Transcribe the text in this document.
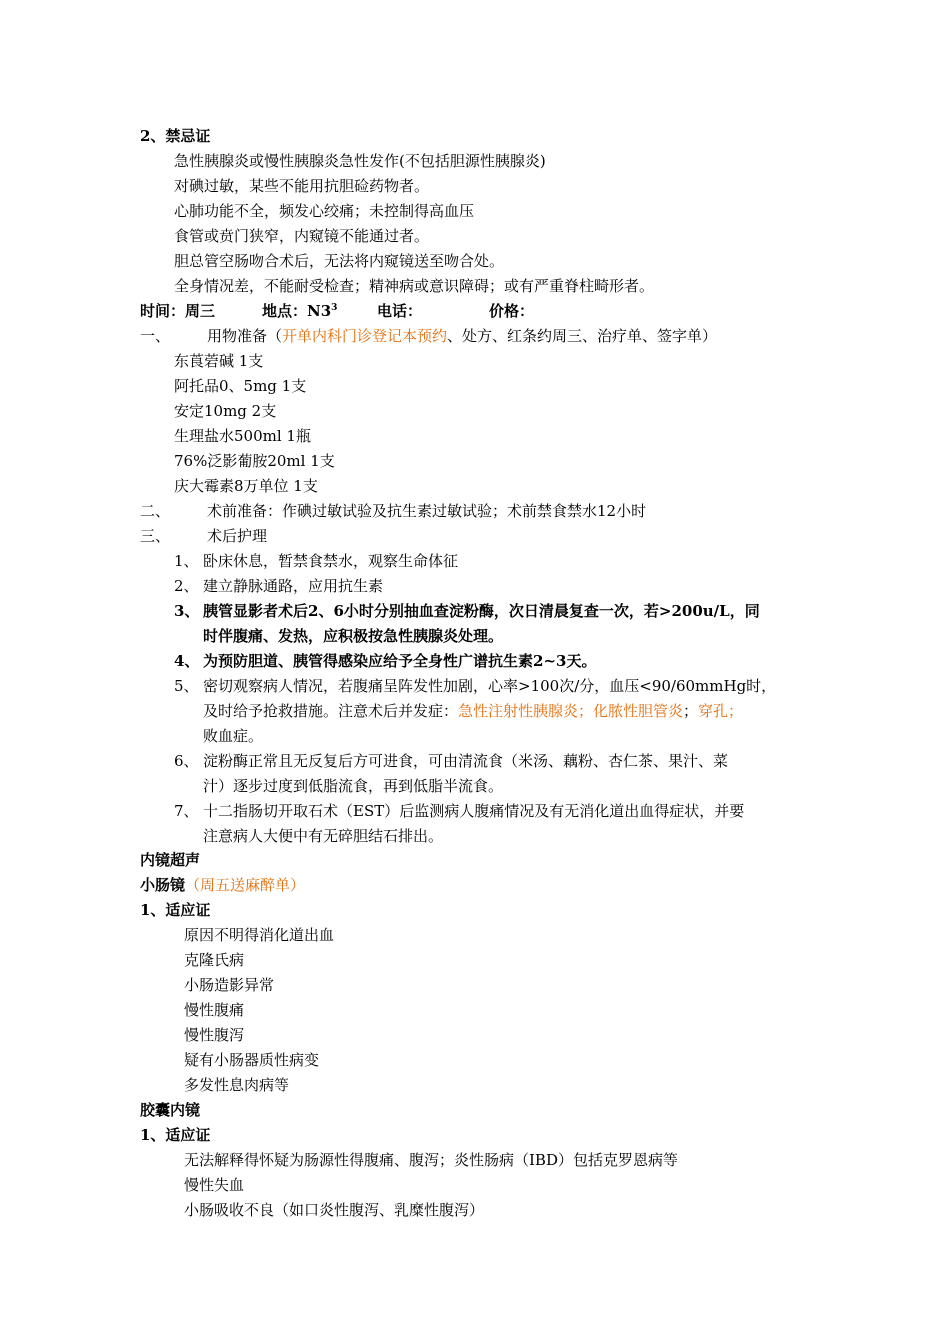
2、禁忌证
急性胰腺炎或慢性胰腺炎急性发作(不包括胆源性胰腺炎)
对碘过敏，某些不能用抗胆硷药物者。
心肺功能不全，频发心绞痛；未控制得高血压
食管或贲门狭窄，内窥镜不能通过者。
胆总管空肠吻合术后，无法将内窥镜送至吻合处。
全身情况差，不能耐受检查；精神病或意识障碍；或有严重脊柱畸形者。
时间：周三	地点：$N3^3$	电话：	价格：
一、 用物准备（开单内科门诊登记本预约、处方、红条约周三、治疗单、签字单）
东莨菪碱 1支
阿托品0、5mg 1支
安定10mg 2支
生理盐水500ml 1瓶
76%泛影葡胺20ml 1支
庆大霉素8万单位 1支
二、 术前准备：作碘过敏试验及抗生素过敏试验；术前禁食禁水12小时
三、 术后护理
1、 卧床休息，暂禁食禁水，观察生命体征
2、 建立静脉通路，应用抗生素
3、 胰管显影者术后2、6小时分别抽血查淀粉酶，次日清晨复查一次，若>200u/L，同
时伴腹痛、发热，应积极按急性胰腺炎处理。
4、 为预防胆道、胰管得感染应给予全身性广谱抗生素2~3天。
5、 密切观察病人情况，若腹痛呈阵发性加剧，心率>100次/分，血压<90/60mmHg时，
及时给予抢救措施。注意术后并发症：急性注射性胰腺炎；化脓性胆管炎；穿孔；
败血症。
6、 淀粉酶正常且无反复后方可进食，可由清流食（米汤、藕粉、杏仁茶、果汁、菜
汁）逐步过度到低脂流食，再到低脂半流食。
7、 十二指肠切开取石术（EST）后监测病人腹痛情况及有无消化道出血得症状，并要
注意病人大便中有无碎胆结石排出。
内镜超声
小肠镜（周五送麻醉单）
1、适应证
原因不明得消化道出血
克隆氏病
小肠造影异常
慢性腹痛
慢性腹泻
疑有小肠器质性病变
多发性息肉病等
胶囊内镜
1、适应证
无法解释得怀疑为肠源性得腹痛、腹泻；炎性肠病（IBD）包括克罗恩病等
慢性失血
小肠吸收不良（如口炎性腹泻、乳糜性腹泻）
